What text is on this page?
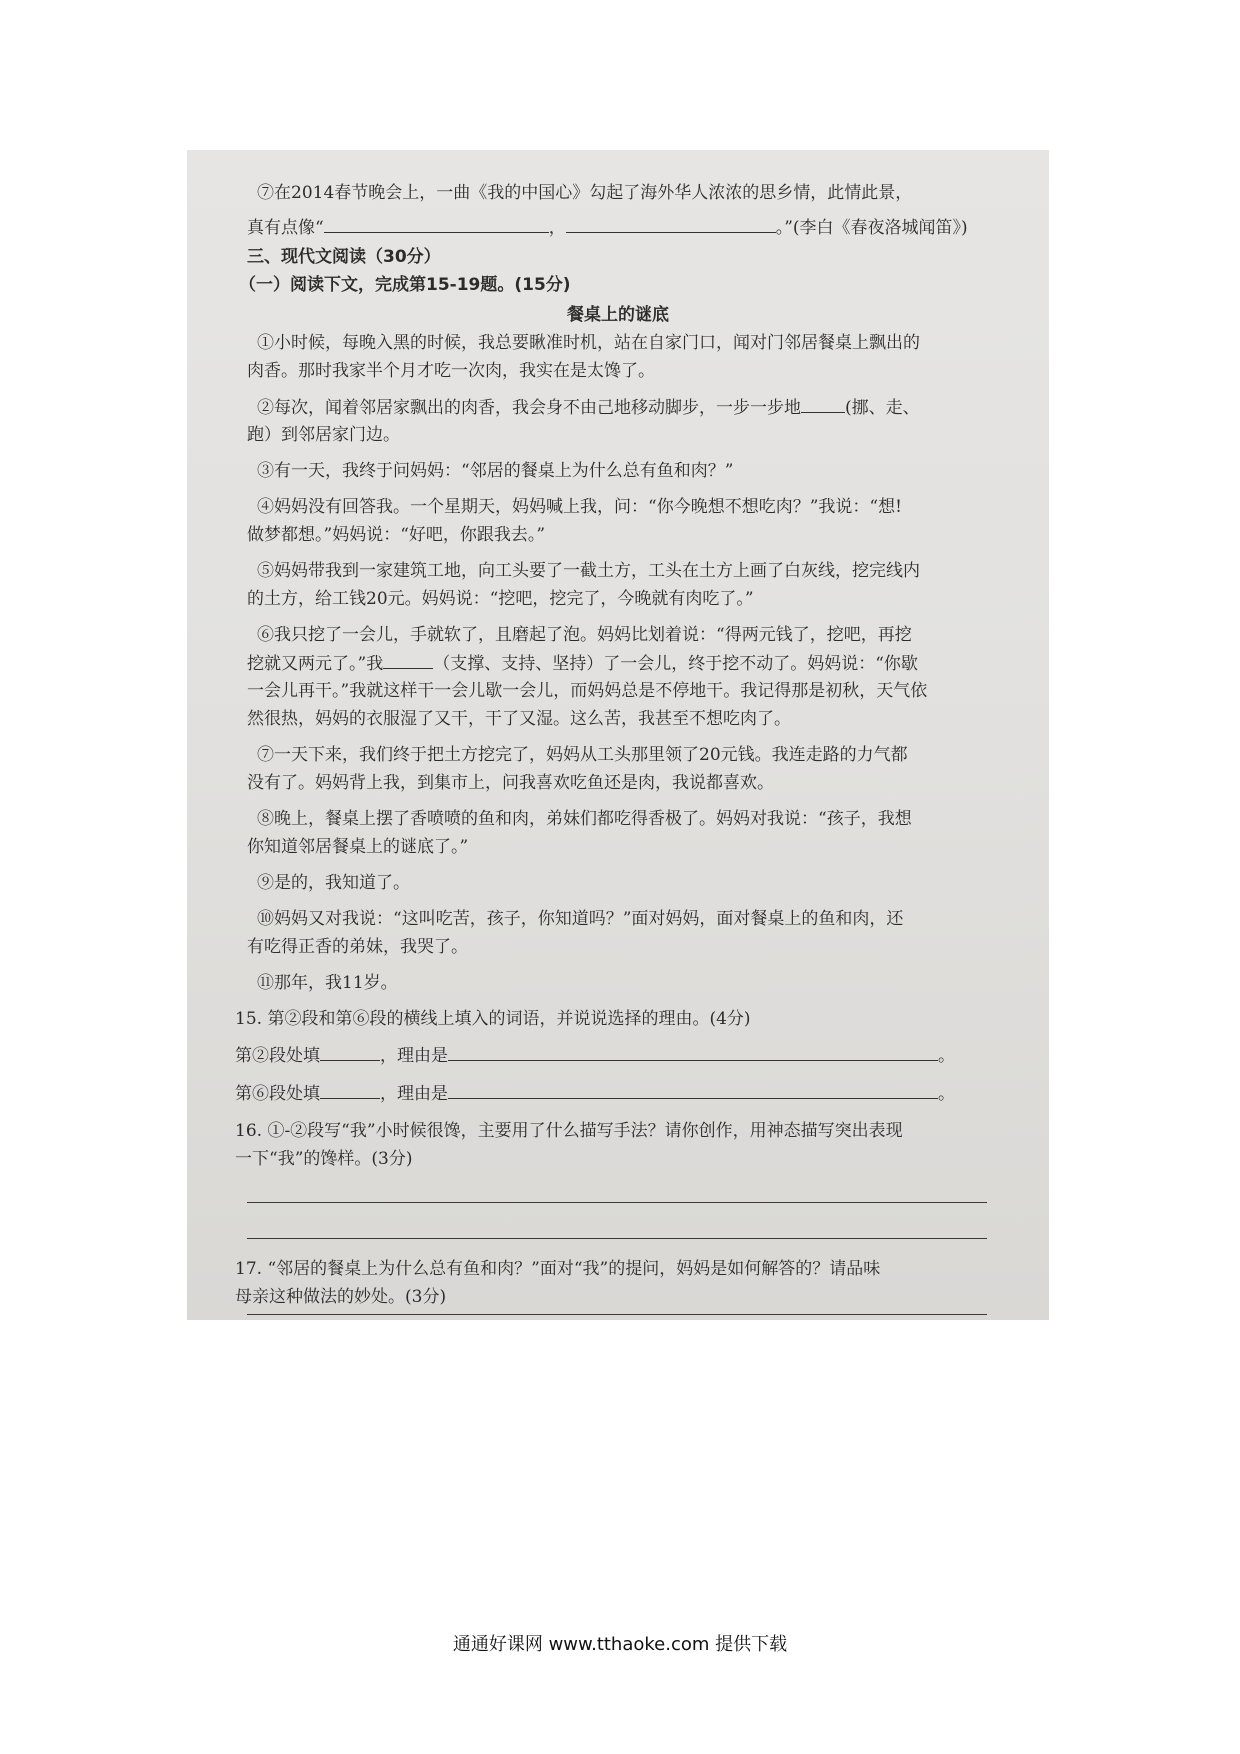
⑦在2014春节晚会上，一曲《我的中国心》勾起了海外华人浓浓的思乡情，此情此景，
真有点像“	，	。”(李白《春夜洛城闻笛》)
三、现代文阅读（30分）
（一）阅读下文，完成第15-19题。(15分)
餐桌上的谜底
①小时候，每晚入黑的时候，我总要瞅准时机，站在自家门口，闻对门邻居餐桌上飘出的
肉香。那时我家半个月才吃一次肉，我实在是太馋了。
②每次，闻着邻居家飘出的肉香，我会身不由己地移动脚步，一步一步地	(挪、走、
跑）到邻居家门边。
③有一天，我终于问妈妈：“邻居的餐桌上为什么总有鱼和肉？”
④妈妈没有回答我。一个星期天，妈妈喊上我，问：“你今晚想不想吃肉？”我说：“想!
做梦都想。”妈妈说：“好吧，你跟我去。”
⑤妈妈带我到一家建筑工地，向工头要了一截土方，工头在土方上画了白灰线，挖完线内
的土方，给工钱20元。妈妈说：“挖吧，挖完了，今晚就有肉吃了。”
⑥我只挖了一会儿，手就软了，且磨起了泡。妈妈比划着说：“得两元钱了，挖吧，再挖
挖就又两元了。”我	（支撑、支持、坚持）了一会儿，终于挖不动了。妈妈说：“你歇
一会儿再干。”我就这样干一会儿歇一会儿，而妈妈总是不停地干。我记得那是初秋，天气依
然很热，妈妈的衣服湿了又干，干了又湿。这么苦，我甚至不想吃肉了。
⑦一天下来，我们终于把土方挖完了，妈妈从工头那里领了20元钱。我连走路的力气都
没有了。妈妈背上我，到集市上，问我喜欢吃鱼还是肉，我说都喜欢。
⑧晚上，餐桌上摆了香喷喷的鱼和肉，弟妹们都吃得香极了。妈妈对我说：“孩子，我想
你知道邻居餐桌上的谜底了。”
⑨是的，我知道了。
⑩妈妈又对我说：“这叫吃苦，孩子，你知道吗？”面对妈妈，面对餐桌上的鱼和肉，还
有吃得正香的弟妹，我哭了。
⑪那年，我11岁。
15. 第②段和第⑥段的横线上填入的词语，并说说选择的理由。(4分)
第②段处填	，理由是	。
第⑥段处填	，理由是	。
16. ①-②段写“我”小时候很馋，主要用了什么描写手法？请你创作，用神态描写突出表现
一下“我”的馋样。(3分)
17. “邻居的餐桌上为什么总有鱼和肉？”面对“我”的提问，妈妈是如何解答的？请品味
母亲这种做法的妙处。(3分)
通通好课网 www.tthaoke.com 提供下载
